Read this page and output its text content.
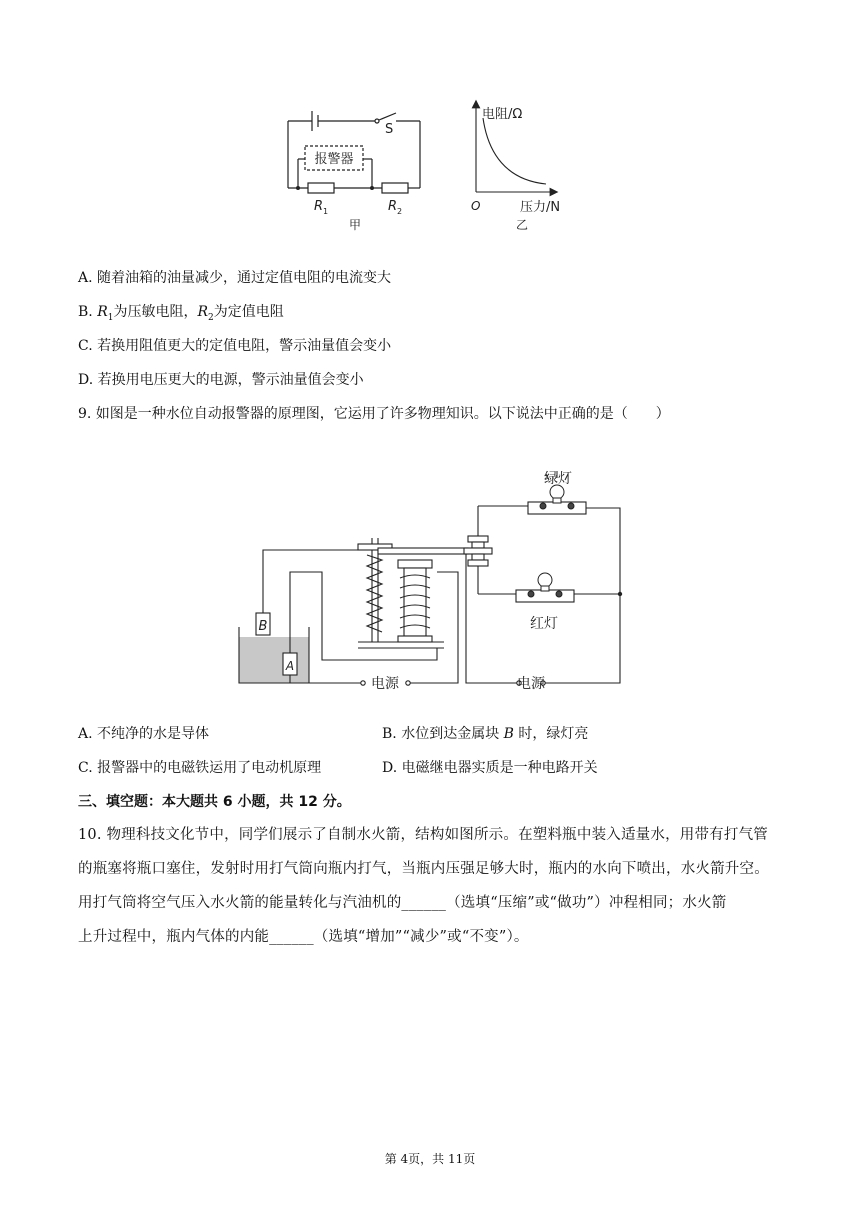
S
报警器
R 1	R 2
甲
电阻/Ω
O	压力/N
乙
A. 随着油箱的油量减少，通过定值电阻的电流变大
B. $R_1$为压敏电阻，$R_2$为定值电阻
C. 若换用阻值更大的定值电阻，警示油量值会变小
D. 若换用电压更大的电源，警示油量值会变小
9. 如图是一种水位自动报警器的原理图，它运用了许多物理知识。以下说法中正确的是（　　）
绿灯
红灯
电源	电源
B
A
A. 不纯净的水是导体	B. 水位到达金属块 B 时，绿灯亮
C. 报警器中的电磁铁运用了电动机原理	D. 电磁继电器实质是一种电路开关
三、填空题：本大题共 6 小题，共 12 分。
10. 物理科技文化节中，同学们展示了自制水火箭，结构如图所示。在塑料瓶中装入适量水，用带有打气管
的瓶塞将瓶口塞住，发射时用打气筒向瓶内打气，当瓶内压强足够大时，瓶内的水向下喷出，水火箭升空。
用打气筒将空气压入水火箭的能量转化与汽油机的______（选填“压缩”或“做功”）冲程相同；水火箭
上升过程中，瓶内气体的内能______（选填“增加”“减少”或“不变”）。
第 4页，共 11页
